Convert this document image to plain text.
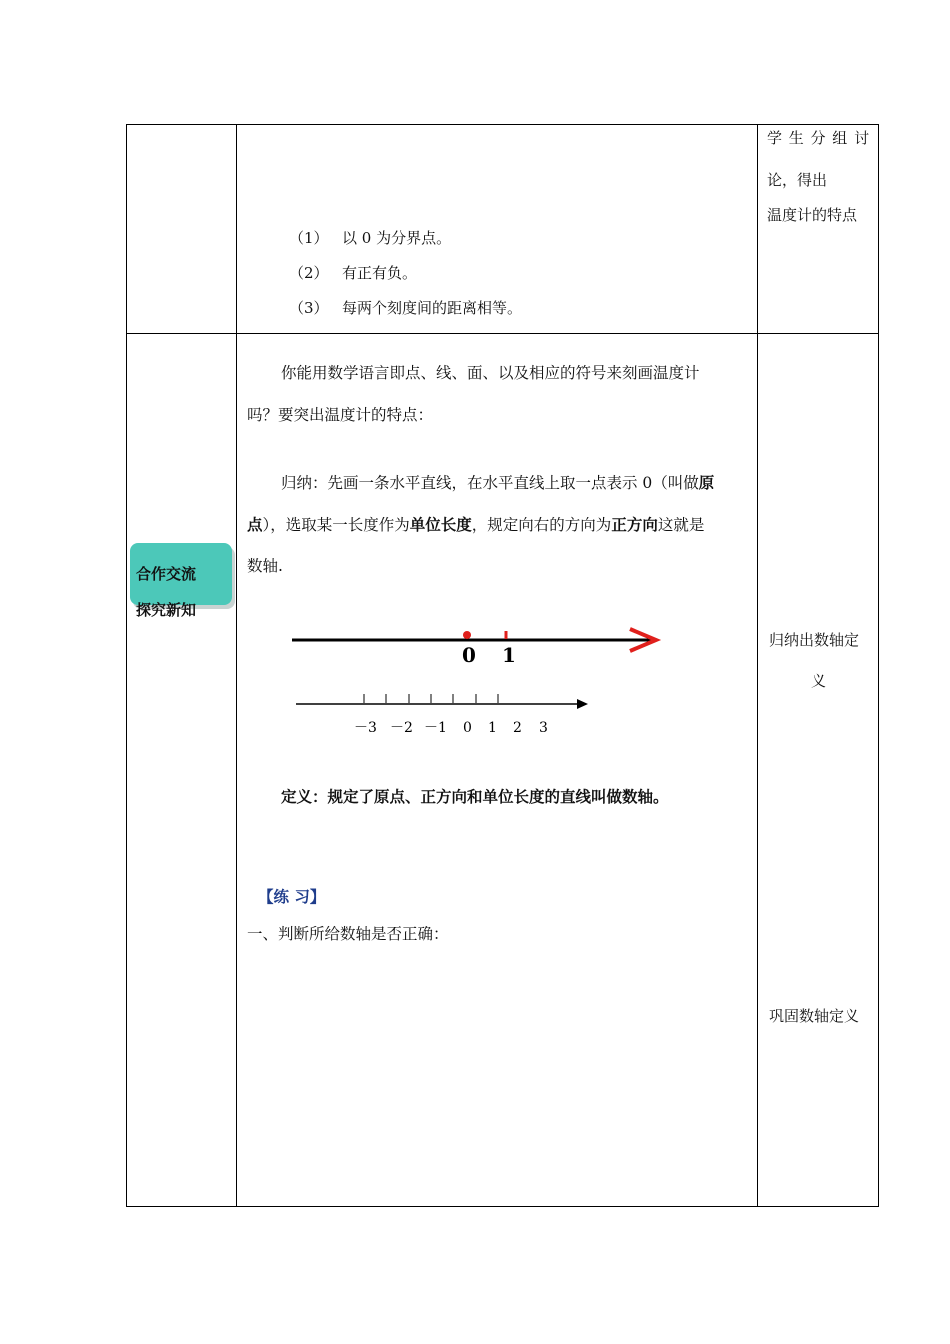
（1） 以 0 为分界点。
（2） 有正有负。
（3） 每两个刻度间的距离相等。
学 生 分 组 讨
论，得出
温度计的特点
合作交流
探究新知
你能用数学语言即点、线、面、以及相应的符号来刻画温度计
吗？要突出温度计的特点：
归纳：先画一条水平直线，在水平直线上取一点表示 0（叫做原
点），选取某一长度作为单位长度，规定向右的方向为正方向这就是
数轴.
0 1
－3 －2 －1 0 1 2 3
定义：规定了原点、正方向和单位长度的直线叫做数轴。
【练 习】
一、判断所给数轴是否正确：
归纳出数轴定
义
巩固数轴定义
